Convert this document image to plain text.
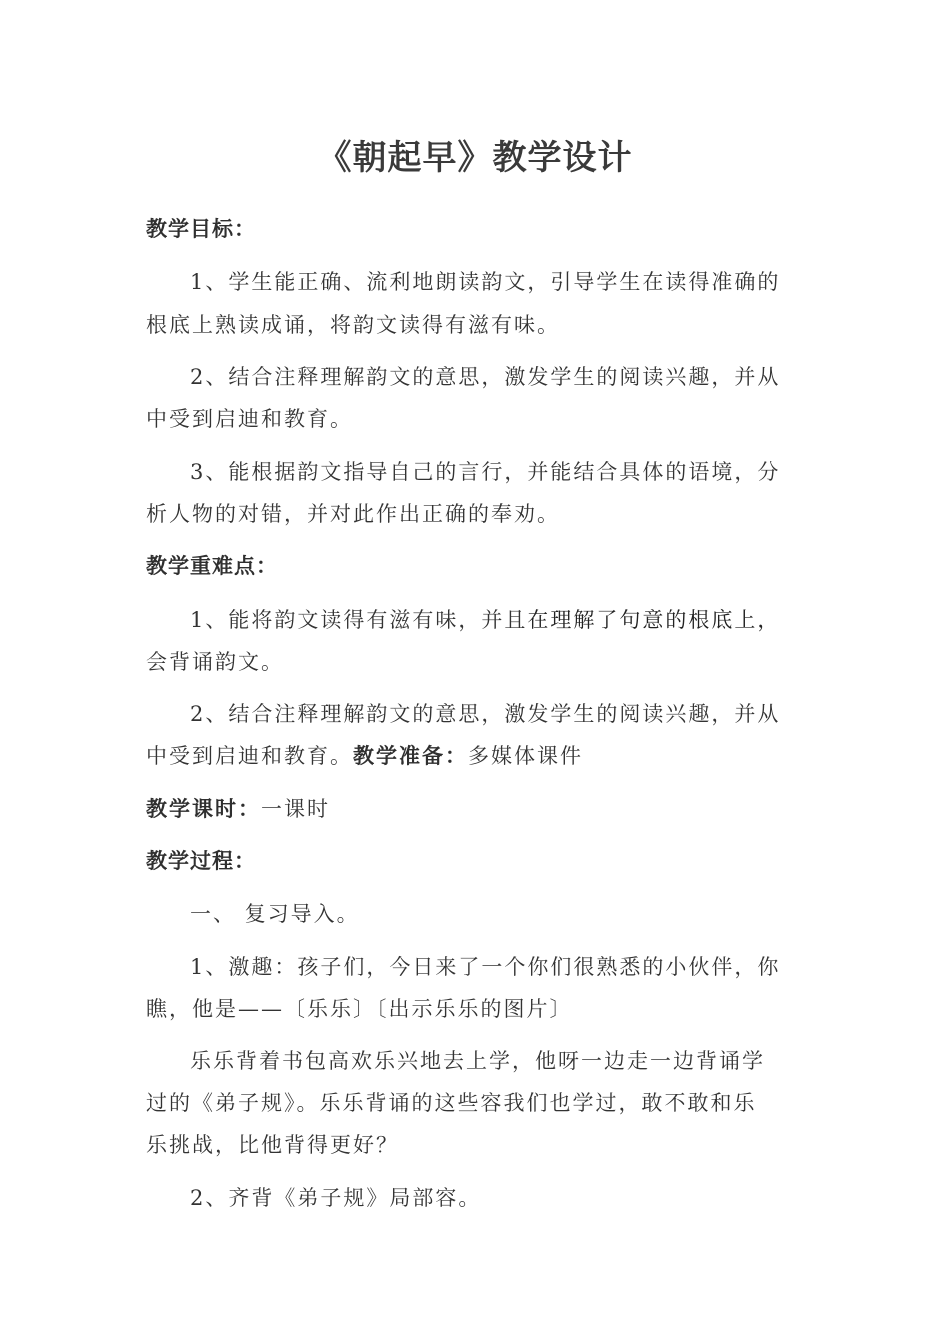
《朝起早》教学设计
教学目标：
1、学生能正确、流利地朗读韵文，引导学生在读得准确的
根底上熟读成诵，将韵文读得有滋有味。
2、结合注释理解韵文的意思，激发学生的阅读兴趣，并从
中受到启迪和教育。
3、能根据韵文指导自己的言行，并能结合具体的语境，分
析人物的对错，并对此作出正确的奉劝。
教学重难点：
1、能将韵文读得有滋有味，并且在理解了句意的根底上，
会背诵韵文。
2、结合注释理解韵文的意思，激发学生的阅读兴趣，并从
中受到启迪和教育。教学准备：多媒体课件
教学课时：一课时
教学过程：
一、 复习导入。
1、激趣：孩子们，今日来了一个你们很熟悉的小伙伴，你
瞧，他是——〔乐乐〕〔出示乐乐的图片〕
乐乐背着书包高欢乐兴地去上学，他呀一边走一边背诵学
过的《弟子规》。乐乐背诵的这些容我们也学过，敢不敢和乐
乐挑战，比他背得更好？
2、齐背《弟子规》局部容。
